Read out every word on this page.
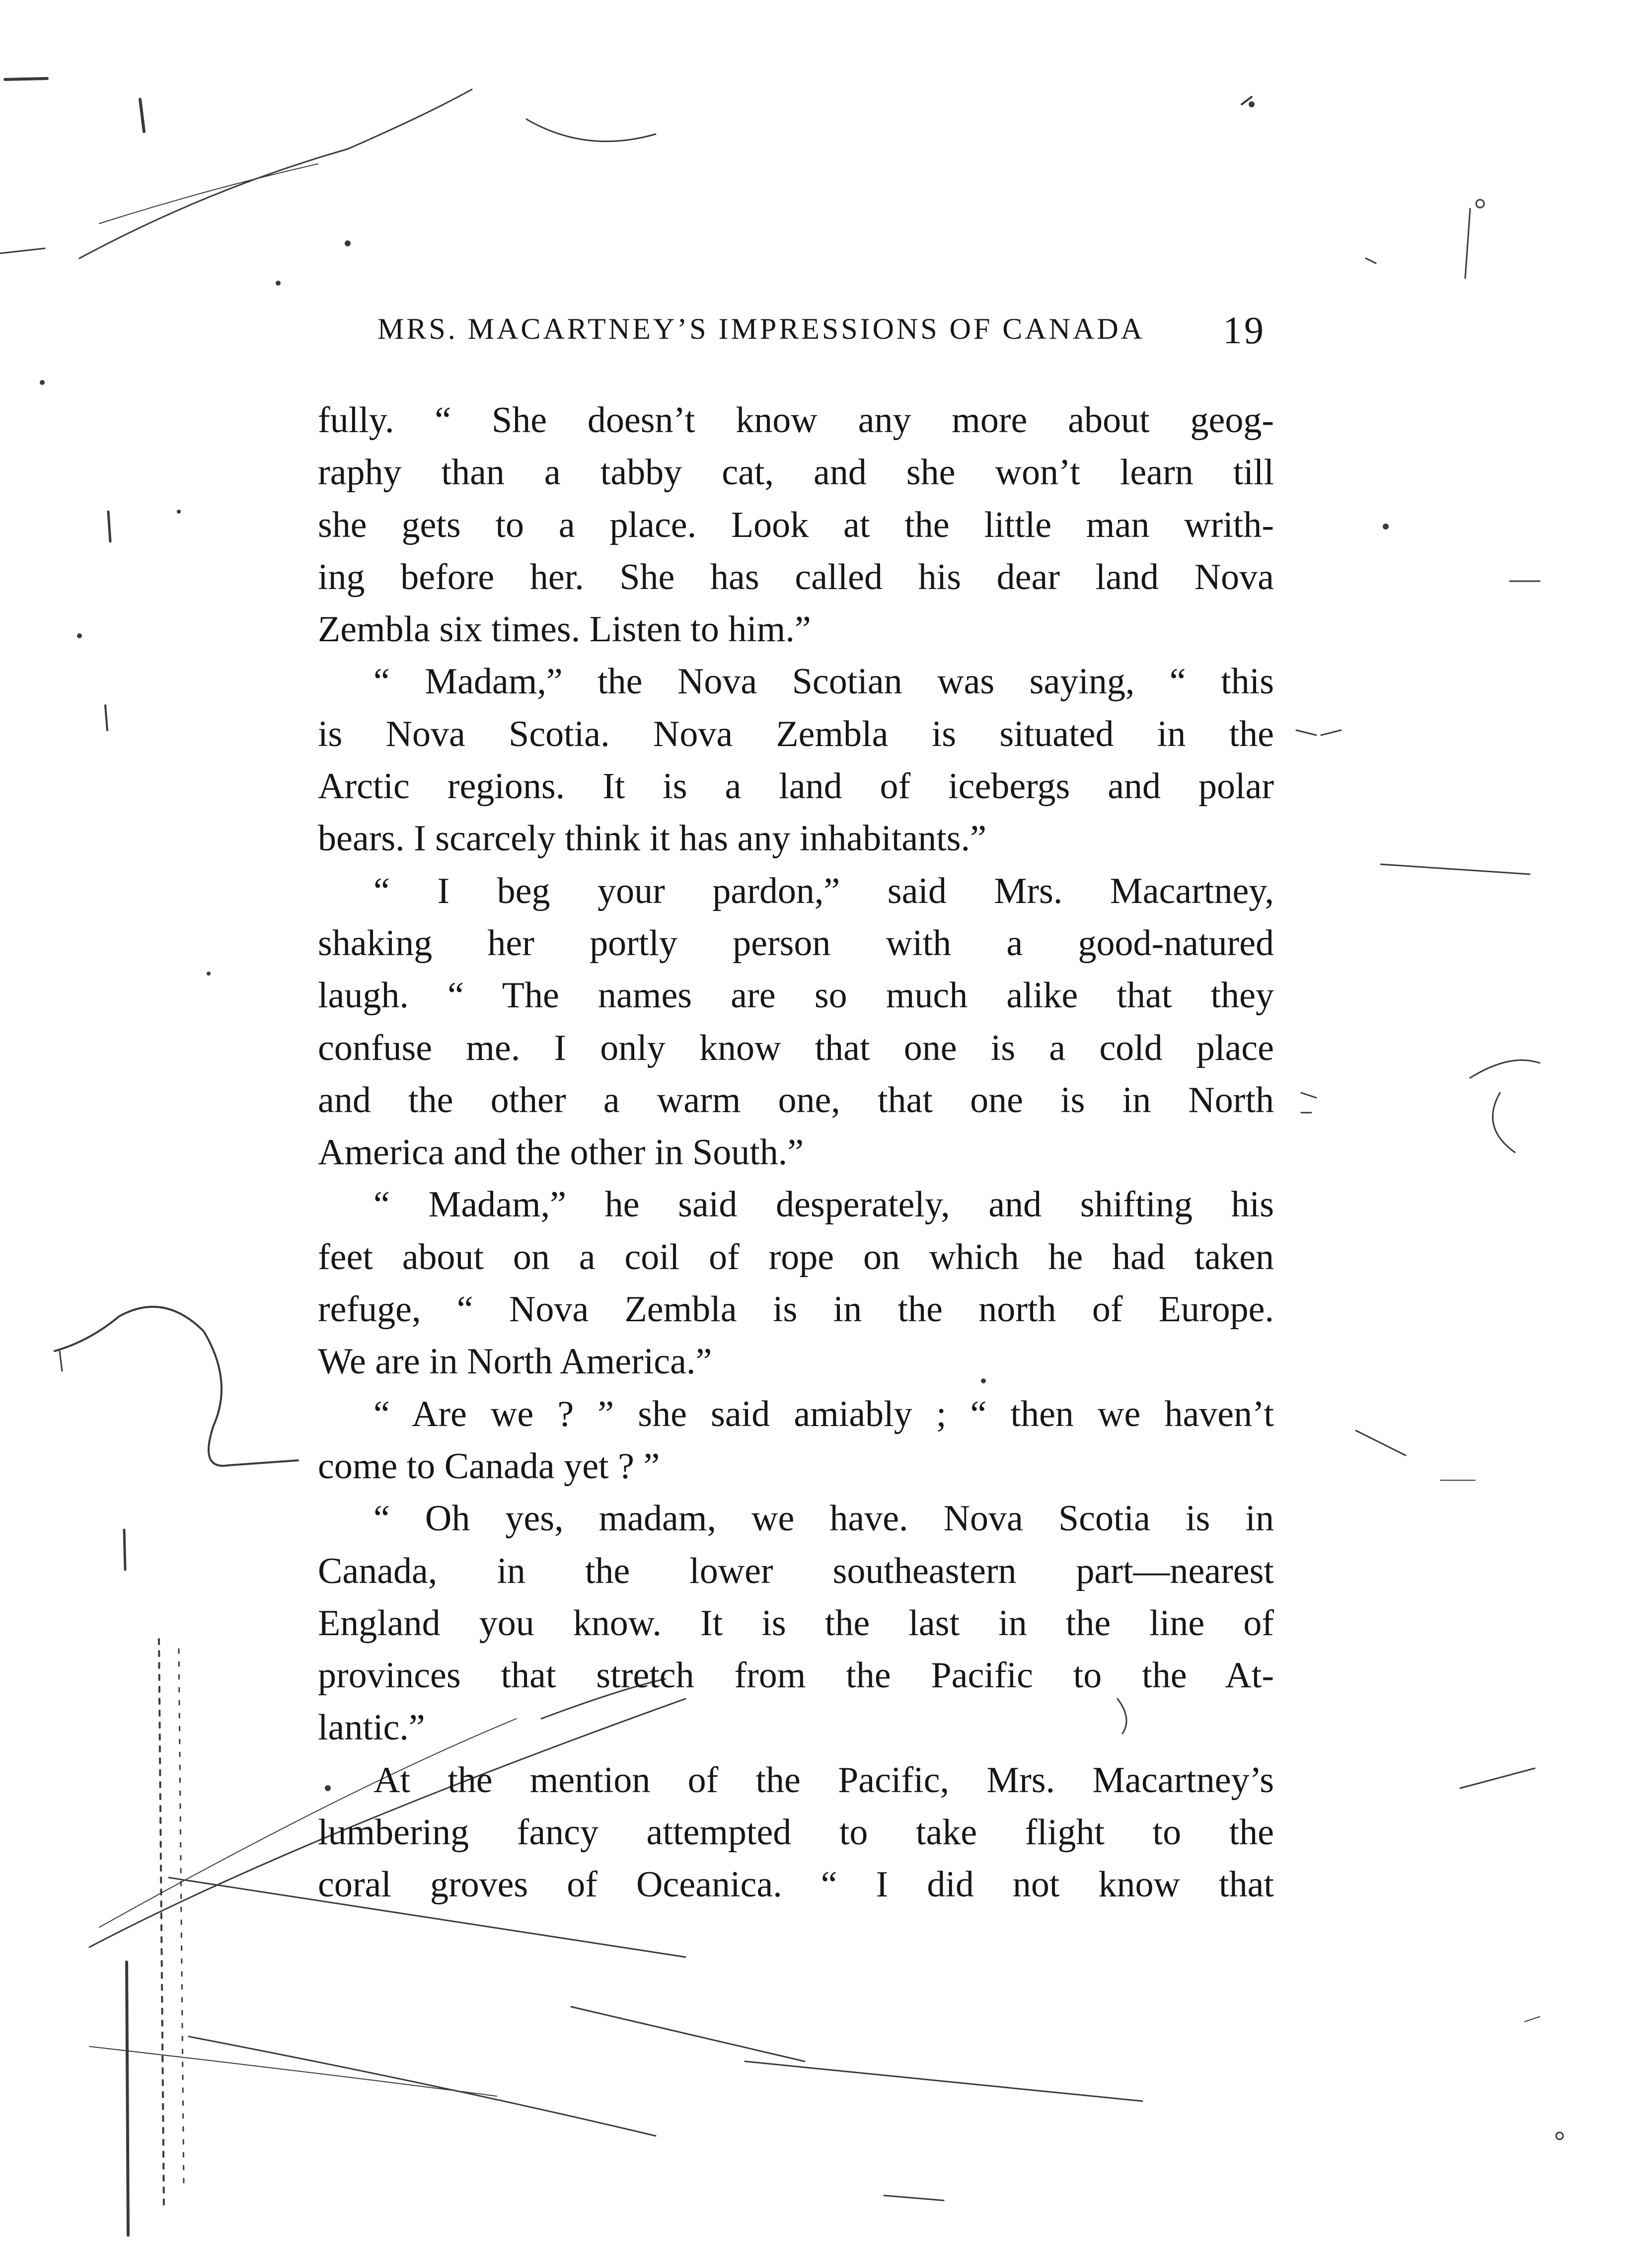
MRS. MACARTNEY’S IMPRESSIONS OF CANADA 19
fully. “ She doesn’t know any more about geog-
raphy than a tabby cat, and she won’t learn till
she gets to a place. Look at the little man writh-
ing before her. She has called his dear land Nova
Zembla six times. Listen to him.”
“ Madam,” the Nova Scotian was saying, “ this
is Nova Scotia. Nova Zembla is situated in the
Arctic regions. It is a land of icebergs and polar
bears. I scarcely think it has any inhabitants.”
“ I beg your pardon,” said Mrs. Macartney,
shaking her portly person with a good-natured
laugh. “ The names are so much alike that they
confuse me. I only know that one is a cold place
and the other a warm one, that one is in North
America and the other in South.”
“ Madam,” he said desperately, and shifting his
feet about on a coil of rope on which he had taken
refuge, “ Nova Zembla is in the north of Europe.
We are in North America.”
“ Are we ? ” she said amiably ; “ then we haven’t
come to Canada yet ? ”
“ Oh yes, madam, we have. Nova Scotia is in
Canada, in the lower southeastern part—nearest
England you know. It is the last in the line of
provinces that stretch from the Pacific to the At-
lantic.”
At the mention of the Pacific, Mrs. Macartney’s
lumbering fancy attempted to take flight to the
coral groves of Oceanica. “ I did not know that
